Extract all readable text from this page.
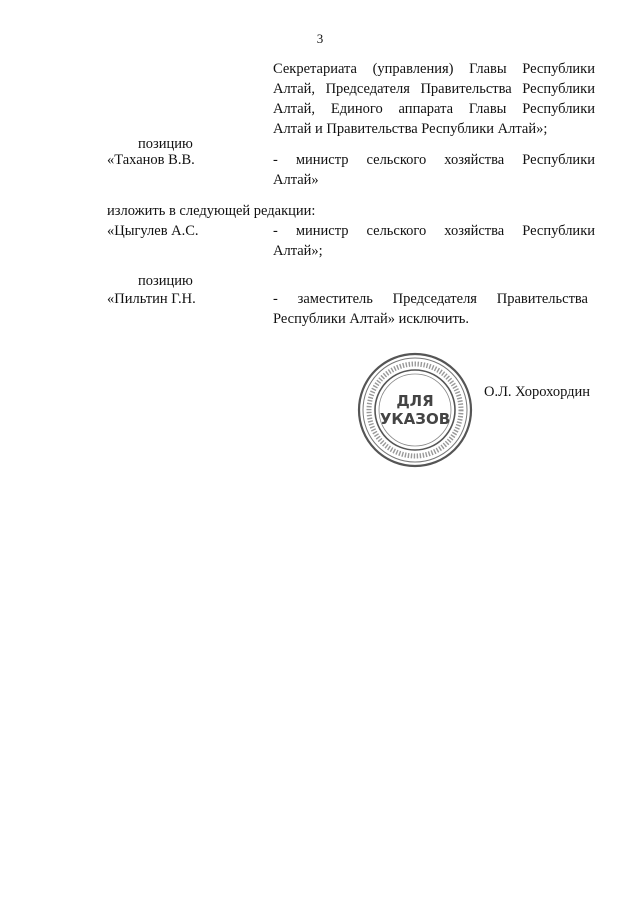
3
Секретариата (управления) Главы Республики
Алтай, Председателя Правительства Республики
Алтай, Единого аппарата Главы Республики
Алтай и Правительства Республики Алтай»;
позицию
«Таханов В.В.	- министр сельского хозяйства Республики
Алтай»
изложить в следующей редакции:
«Цыгулев А.С.	- министр сельского хозяйства Республики
Алтай»;
позицию
«Пильтин Г.Н.	- заместитель Председателя Правительства
Республики Алтай» исключить.
ДЛЯ
УКАЗОВ
О.Л. Хорохордин
